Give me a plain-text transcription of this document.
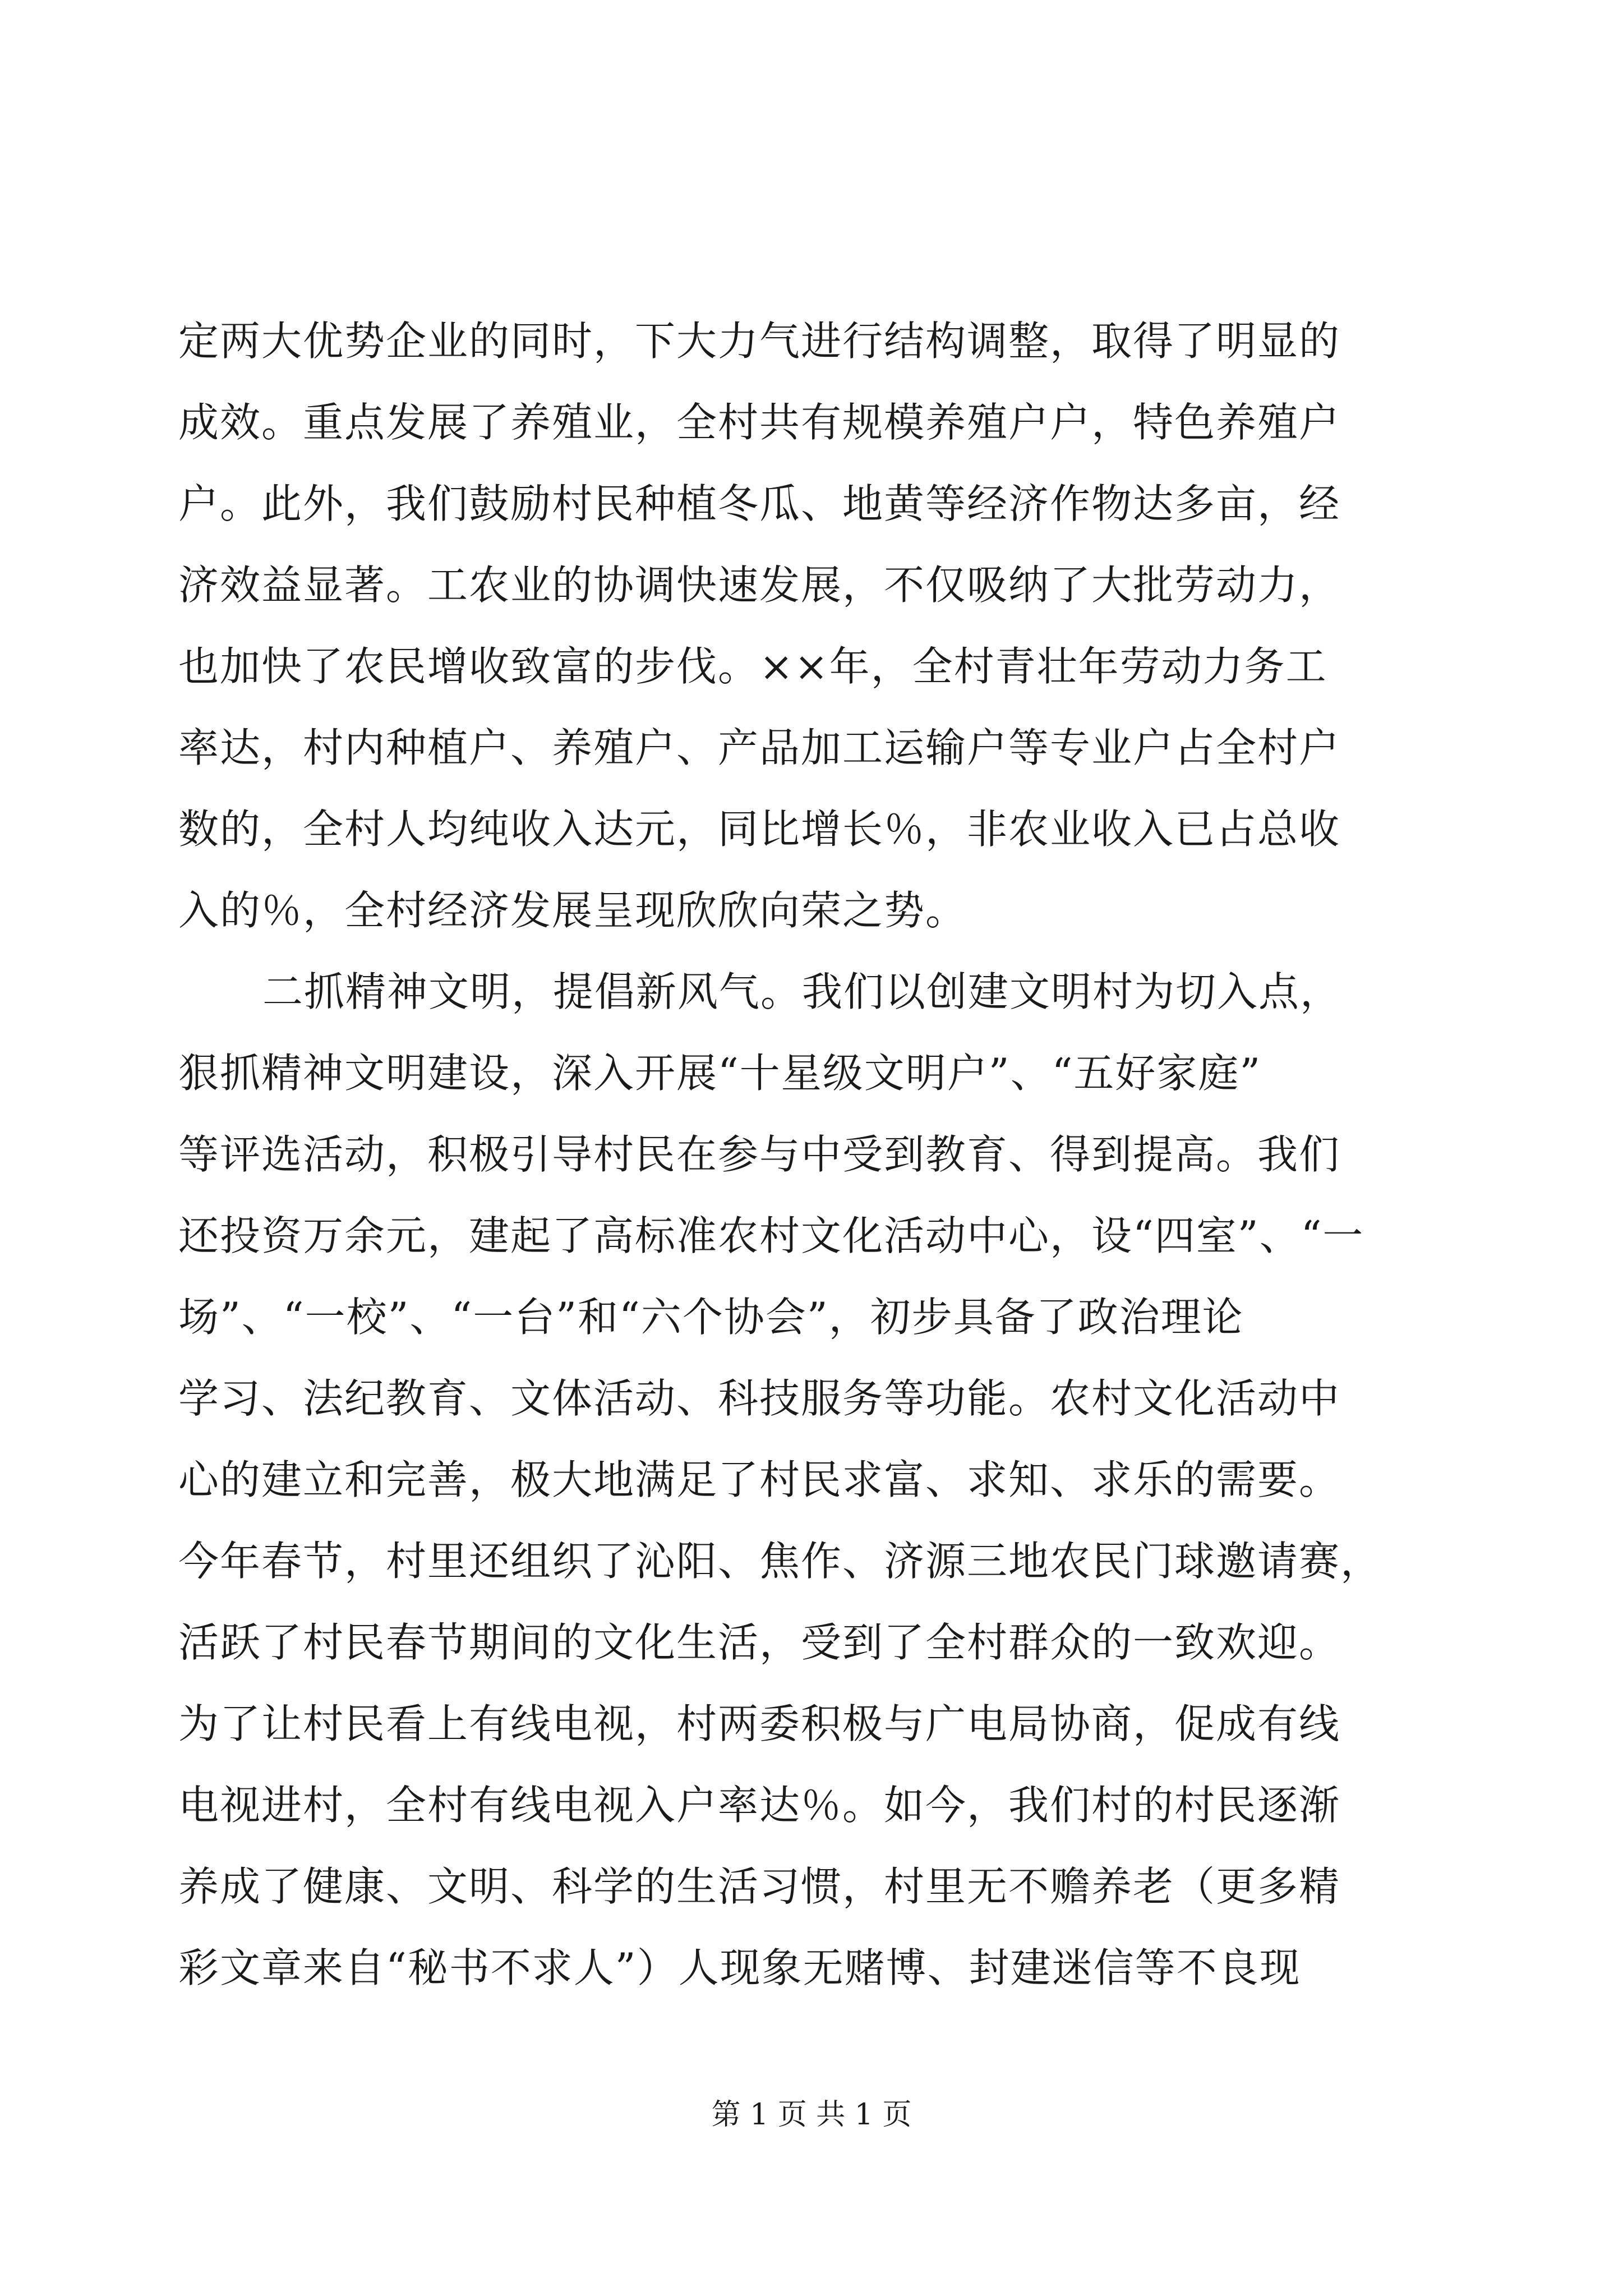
定两大优势企业的同时，下大力气进行结构调整，取得了明显的
成效。重点发展了养殖业，全村共有规模养殖户户，特色养殖户
户。此外，我们鼓励村民种植冬瓜、地黄等经济作物达多亩，经
济效益显著。工农业的协调快速发展，不仅吸纳了大批劳动力，
也加快了农民增收致富的步伐。××年，全村青壮年劳动力务工
率达，村内种植户、养殖户、产品加工运输户等专业户占全村户
数的，全村人均纯收入达元，同比增长％，非农业收入已占总收
入的％，全村经济发展呈现欣欣向荣之势。
二抓精神文明，提倡新风气。我们以创建文明村为切入点，
狠抓精神文明建设，深入开展“十星级文明户”、“五好家庭”
等评选活动，积极引导村民在参与中受到教育、得到提高。我们
还投资万余元，建起了高标准农村文化活动中心，设“四室”、“一
场”、“一校”、“一台”和“六个协会”，初步具备了政治理论
学习、法纪教育、文体活动、科技服务等功能。农村文化活动中
心的建立和完善，极大地满足了村民求富、求知、求乐的需要。
今年春节，村里还组织了沁阳、焦作、济源三地农民门球邀请赛，
活跃了村民春节期间的文化生活，受到了全村群众的一致欢迎。
为了让村民看上有线电视，村两委积极与广电局协商，促成有线
电视进村，全村有线电视入户率达％。如今，我们村的村民逐渐
养成了健康、文明、科学的生活习惯，村里无不赡养老（更多精
彩文章来自“秘书不求人”）人现象无赌博、封建迷信等不良现
第 1 页 共 1 页
